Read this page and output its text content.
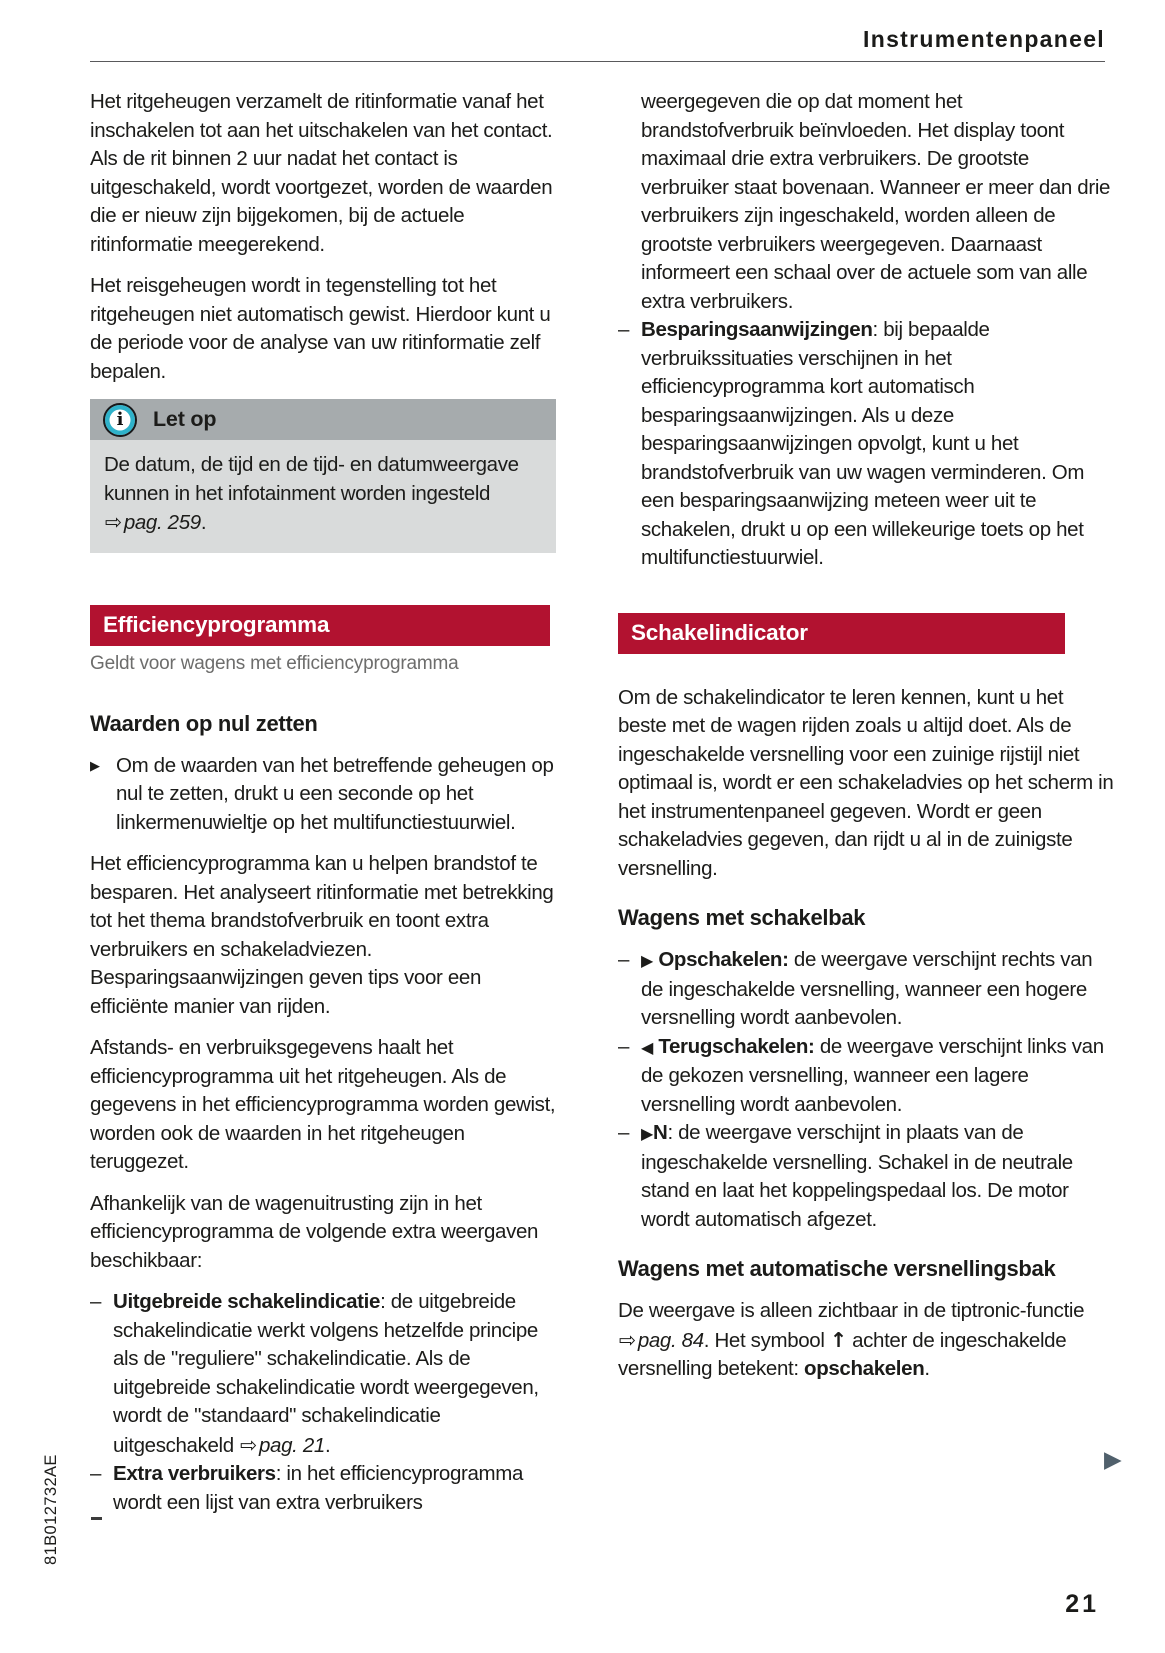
Instrumentenpaneel

Het ritgeheugen verzamelt de ritinformatie vanaf het inschakelen tot aan het uitschakelen van het contact. Als de rit binnen 2 uur nadat het contact is uitgeschakeld, wordt voortgezet, worden de waarden die er nieuw zijn bijgekomen, bij de actuele ritinformatie meegerekend.

Het reisgeheugen wordt in tegenstelling tot het ritgeheugen niet automatisch gewist. Hierdoor kunt u de periode voor de analyse van uw ritinformatie zelf bepalen.

i	Let op

De datum, de tijd en de tijd- en datumweergave kunnen in het infotainment worden ingesteld ⇨pag. 259.

Efficiencyprogramma
Geldt voor wagens met efficiencyprogramma
Waarden op nul zetten
▶ Om de waarden van het betreffende geheugen op nul te zetten, drukt u een seconde op het linkermenuwieltje op het multifunctiestuurwiel.

Het efficiencyprogramma kan u helpen brandstof te besparen. Het analyseert ritinformatie met betrekking tot het thema brandstofverbruik en toont extra verbruikers en schakeladviezen. Besparingsaanwijzingen geven tips voor een efficiënte manier van rijden.

Afstands- en verbruiksgegevens haalt het efficiencyprogramma uit het ritgeheugen. Als de gegevens in het efficiencyprogramma worden gewist, worden ook de waarden in het ritgeheugen teruggezet.

Afhankelijk van de wagenuitrusting zijn in het efficiencyprogramma de volgende extra weergaven beschikbaar:

– Uitgebreide schakelindicatie: de uitgebreide schakelindicatie werkt volgens hetzelfde principe als de "reguliere" schakelindicatie. Als de uitgebreide schakelindicatie wordt weergegeven, wordt de "standaard" schakelindicatie uitgeschakeld ⇨pag. 21.
– Extra verbruikers: in het efficiencyprogramma wordt een lijst van extra verbruikers
weergegeven die op dat moment het brandstofverbruik beïnvloeden. Het display toont maximaal drie extra verbruikers. De grootste verbruiker staat bovenaan. Wanneer er meer dan drie verbruikers zijn ingeschakeld, worden alleen de grootste verbruikers weergegeven. Daarnaast informeert een schaal over de actuele som van alle extra verbruikers.
– Besparingsaanwijzingen: bij bepaalde verbruikssituaties verschijnen in het efficiencyprogramma kort automatisch besparingsaanwijzingen. Als u deze besparingsaanwijzingen opvolgt, kunt u het brandstofverbruik van uw wagen verminderen. Om een besparingsaanwijzing meteen weer uit te schakelen, drukt u op een willekeurige toets op het multifunctiestuurwiel.
Schakelindicator

Om de schakelindicator te leren kennen, kunt u het beste met de wagen rijden zoals u altijd doet. Als de ingeschakelde versnelling voor een zuinige rijstijl niet optimaal is, wordt er een schakeladvies op het scherm in het instrumentenpaneel gegeven. Wordt er geen schakeladvies gegeven, dan rijdt u al in de zuinigste versnelling.

Wagens met schakelbak
– ▶ Opschakelen: de weergave verschijnt rechts van de ingeschakelde versnelling, wanneer een hogere versnelling wordt aanbevolen.
– ◀ Terugschakelen: de weergave verschijnt links van de gekozen versnelling, wanneer een lagere versnelling wordt aanbevolen.
– ▶N: de weergave verschijnt in plaats van de ingeschakelde versnelling. Schakel in de neutrale stand en laat het koppelingspedaal los. De motor wordt automatisch afgezet.
Wagens met automatische versnellingsbak

De weergave is alleen zichtbaar in de tiptronic-functie ⇨pag. 84. Het symbool ↑ achter de ingeschakelde versnelling betekent: opschakelen.

▶
81B012732AE
21
